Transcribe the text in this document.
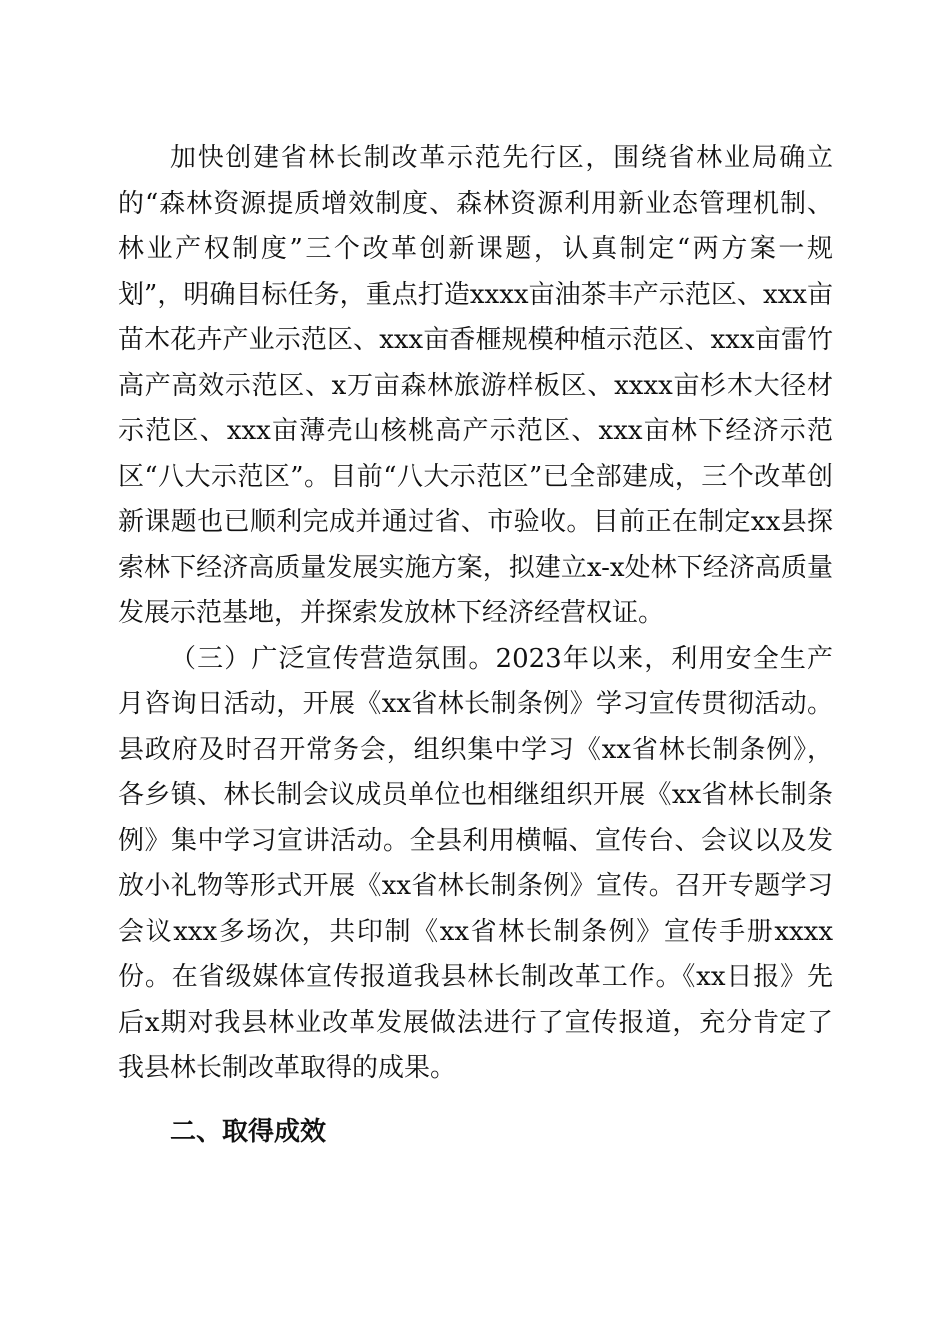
加快创建省林长制改革示范先行区，围绕省林业局确立的“森林资源提质增效制度、森林资源利用新业态管理机制、林业产权制度”三个改革创新课题，认真制定“两方案一规划”，明确目标任务，重点打造xxxx亩油茶丰产示范区、xxx亩苗木花卉产业示范区、xxx亩香榧规模种植示范区、xxx亩雷竹高产高效示范区、x万亩森林旅游样板区、xxxx亩杉木大径材示范区、xxx亩薄壳山核桃高产示范区、xxx亩林下经济示范区“八大示范区”。目前“八大示范区”已全部建成，三个改革创新课题也已顺利完成并通过省、市验收。目前正在制定xx县探索林下经济高质量发展实施方案，拟建立x-x处林下经济高质量发展示范基地，并探索发放林下经济经营权证。

（三）广泛宣传营造氛围。2023年以来，利用安全生产月咨询日活动，开展《xx省林长制条例》学习宣传贯彻活动。县政府及时召开常务会，组织集中学习《xx省林长制条例》，各乡镇、林长制会议成员单位也相继组织开展《xx省林长制条例》集中学习宣讲活动。全县利用横幅、宣传台、会议以及发放小礼物等形式开展《xx省林长制条例》宣传。召开专题学习会议xxx多场次，共印制《xx省林长制条例》宣传手册xxxx份。在省级媒体宣传报道我县林长制改革工作。《xx日报》先后x期对我县林业改革发展做法进行了宣传报道，充分肯定了我县林长制改革取得的成果。

二、取得成效
